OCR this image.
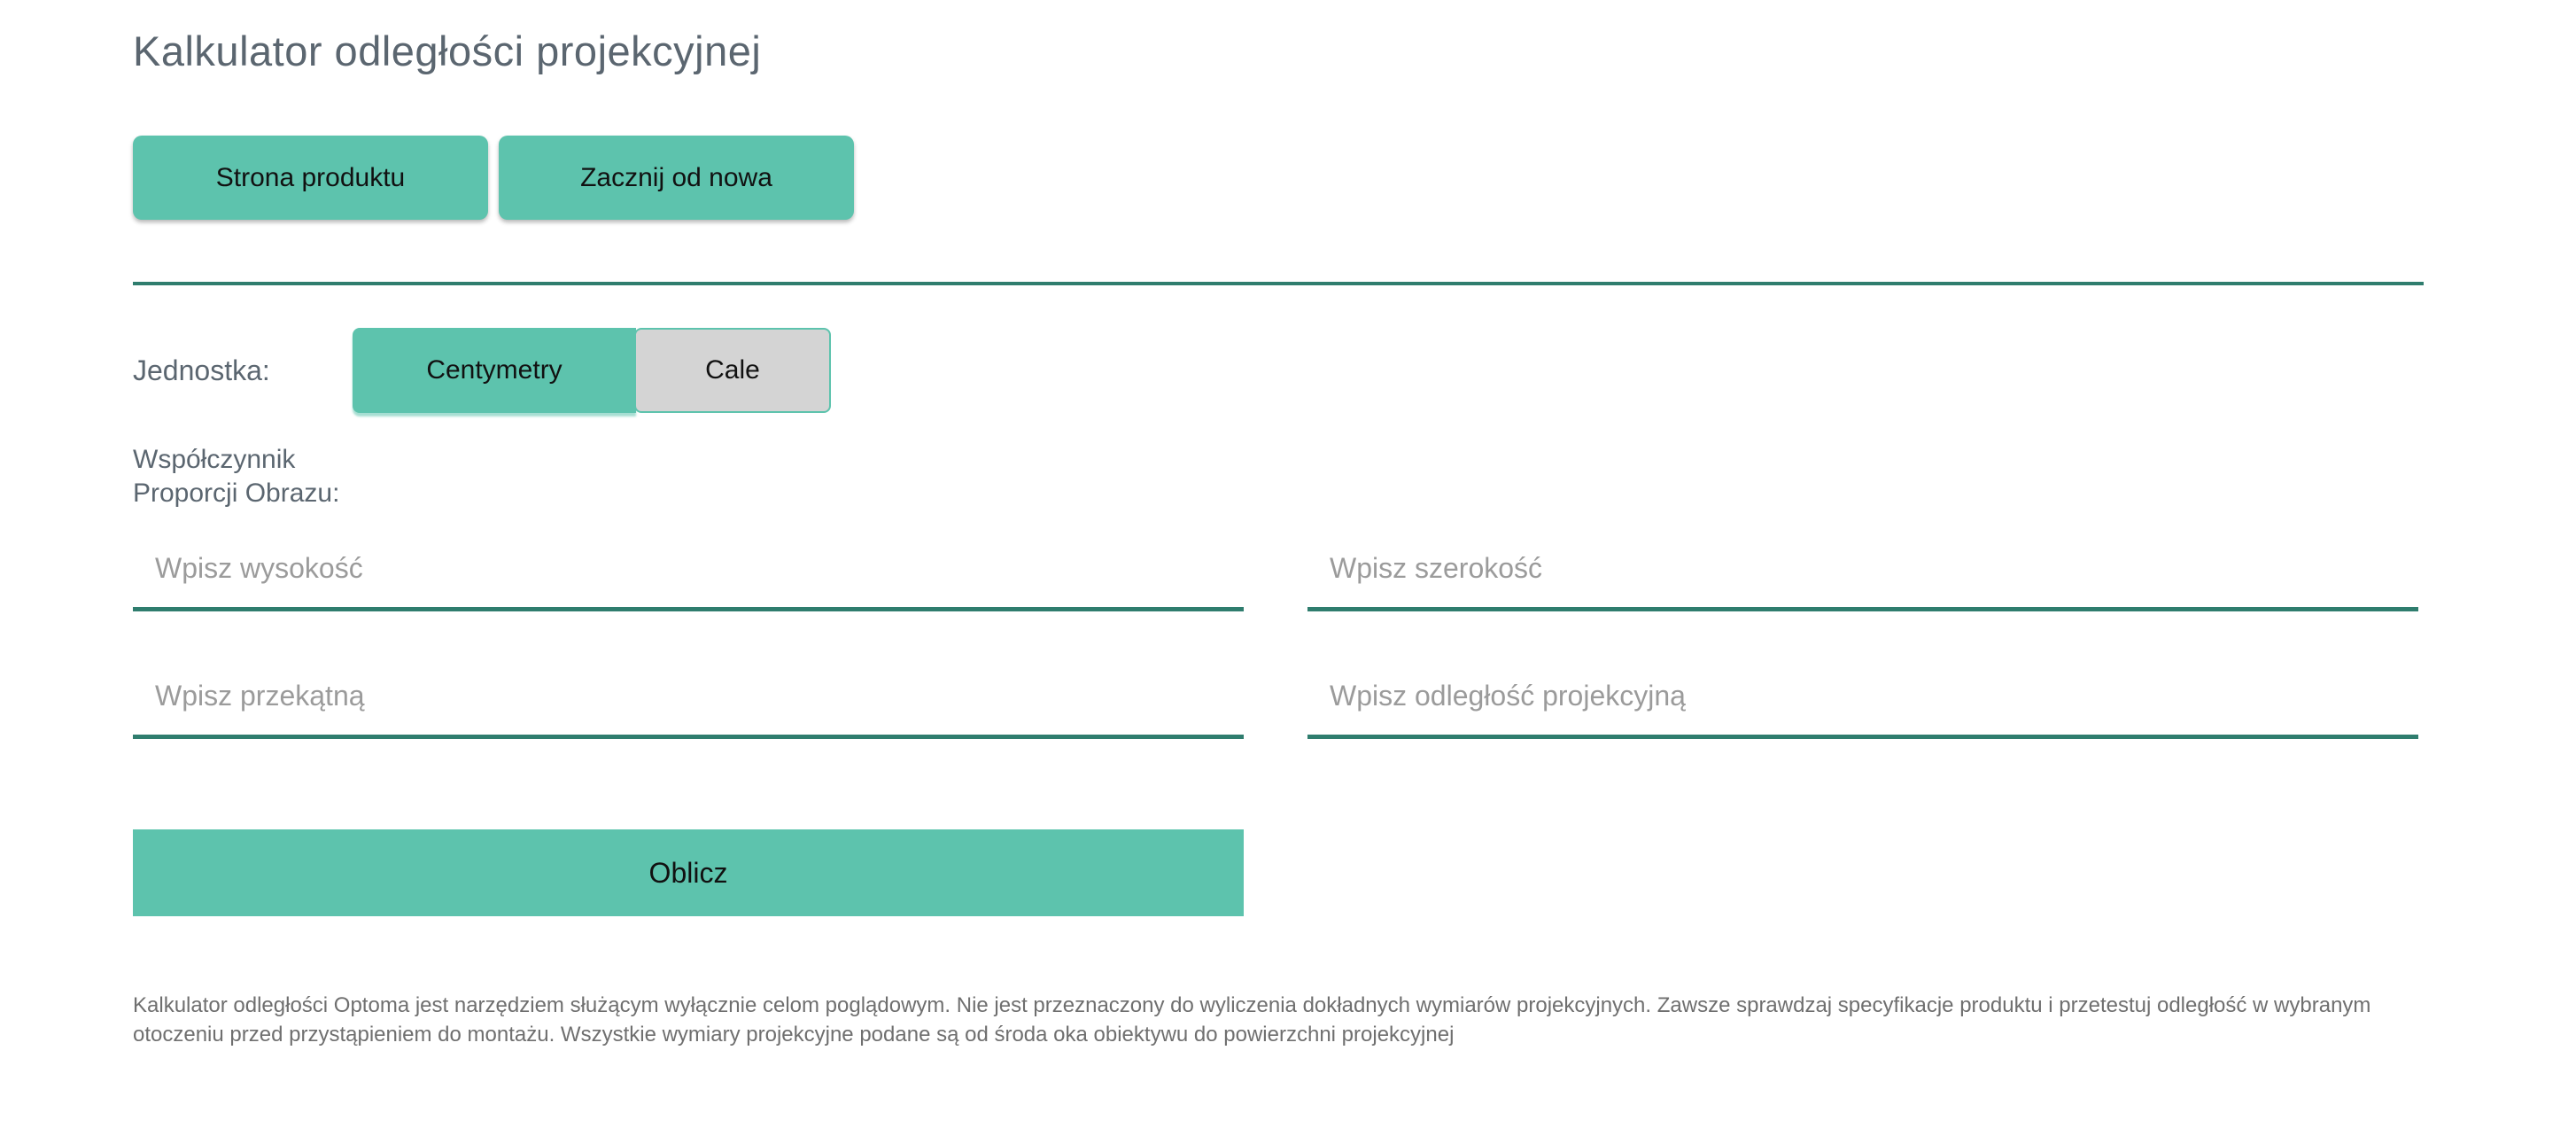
Kalkulator odległości projekcyjnej
Strona produktu	Zacznij od nowa
Jednostka:	Centymetry	Cale
Współczynnik Proporcji Obrazu:
Wpisz wysokość
Wpisz szerokość
Wpisz przekątną
Wpisz odległość projekcyjną
Oblicz
Kalkulator odległości Optoma jest narzędziem służącym wyłącznie celom poglądowym. Nie jest przeznaczony do wyliczenia dokładnych wymiarów projekcyjnych. Zawsze sprawdzaj specyfikacje produktu i przetestuj odległość w wybranym
otoczeniu przed przystąpieniem do montażu. Wszystkie wymiary projekcyjne podane są od środa oka obiektywu do powierzchni projekcyjnej
